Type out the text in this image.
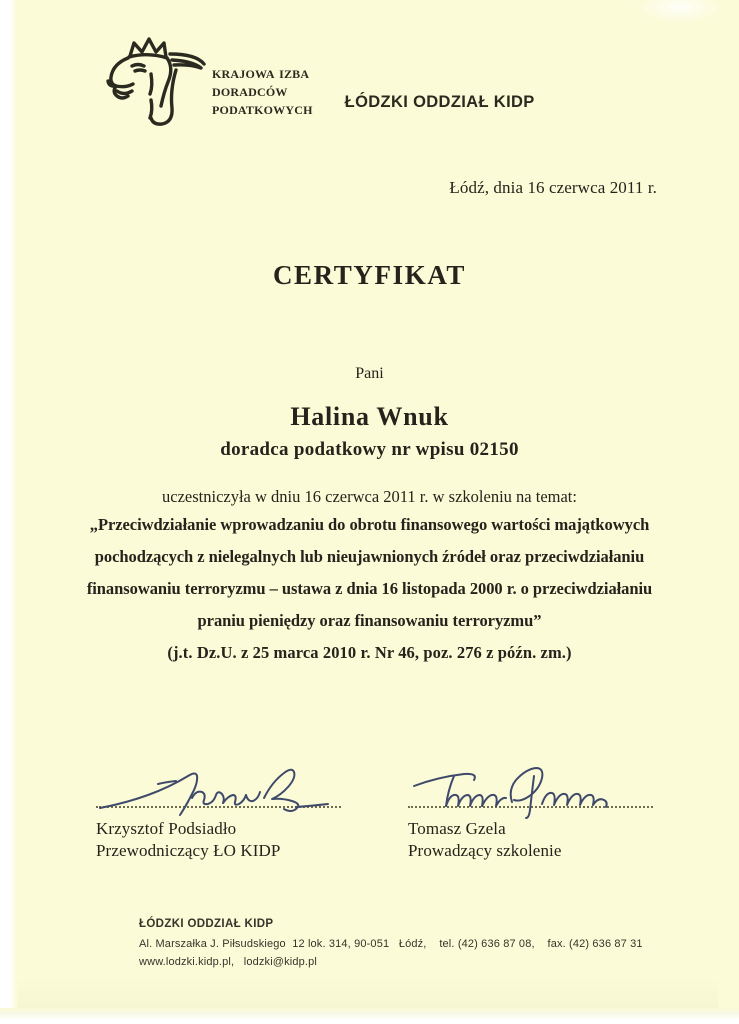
krajowa izba
doradców
podatkowych ŁÓDZKI ODDZIAŁ KIDP
Łódź, dnia 16 czerwca 2011 r.
CERTYFIKAT
Pani
Halina Wnuk
doradca podatkowy nr wpisu 02150
uczestniczyła w dniu 16 czerwca 2011 r. w szkoleniu na temat:
„Przeciwdziałanie wprowadzaniu do obrotu finansowego wartości majątkowych
pochodzących z nielegalnych lub nieujawnionych źródeł oraz przeciwdziałaniu
finansowaniu terroryzmu – ustawa z dnia 16 listopada 2000 r. o przeciwdziałaniu
praniu pieniędzy oraz finansowaniu terroryzmu”
(j.t. Dz.U. z 25 marca 2010 r. Nr 46, poz. 276 z późn. zm.)
Krzysztof Podsiadło
Przewodniczący ŁO KIDP
Tomasz Gzela
Prowadzący szkolenie
ŁÓDZKI ODDZIAŁ KIDP
Al. Marszałka J. Piłsudskiego  12 lok. 314, 90-051   Łódź,    tel. (42) 636 87 08,    fax. (42) 636 87 31
www.lodzki.kidp.pl,   lodzki@kidp.pl
